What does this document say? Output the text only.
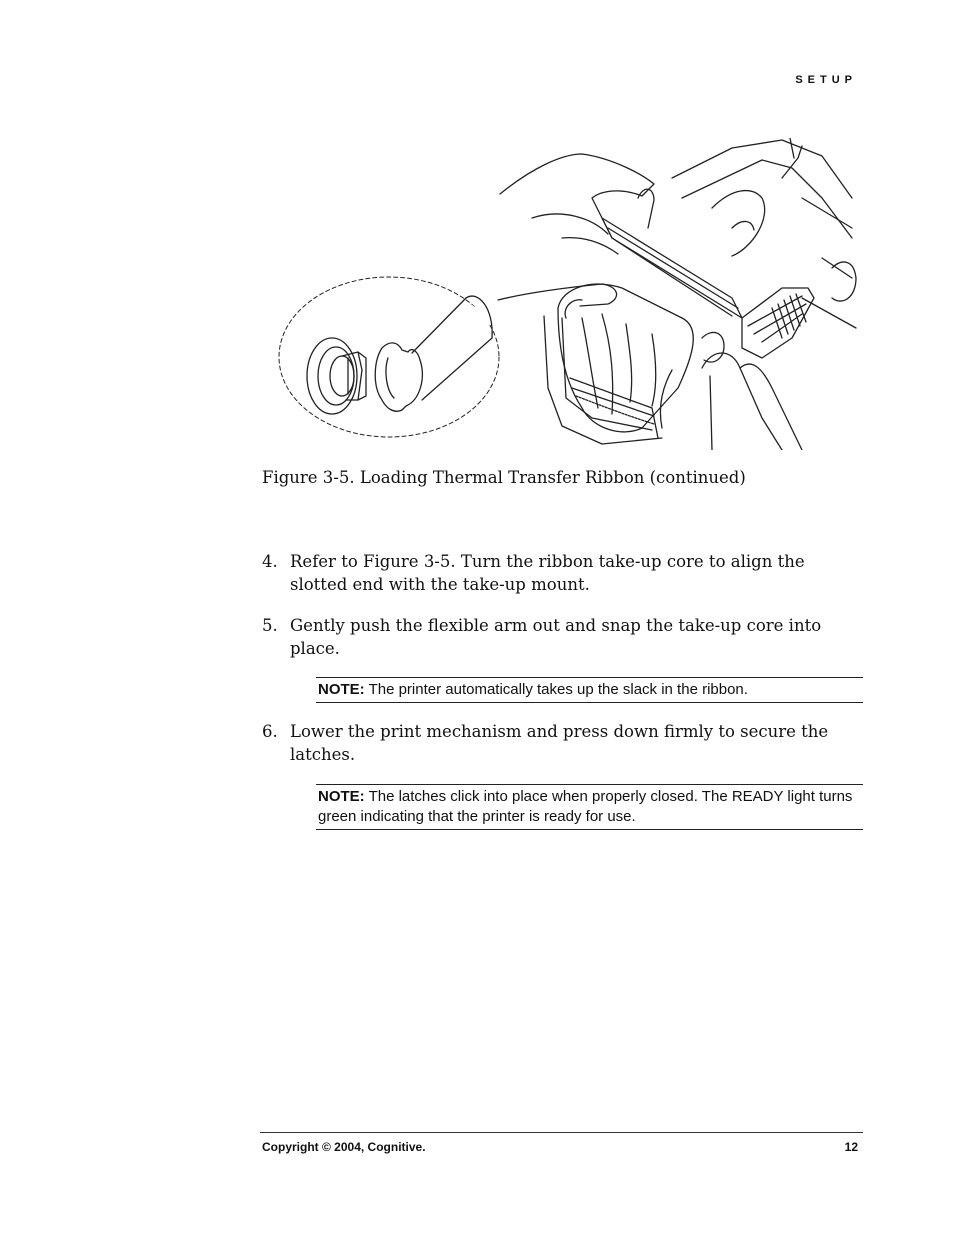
SETUP
Figure 3-5. Loading Thermal Transfer Ribbon (continued)
4. Refer to Figure 3-5. Turn the ribbon take-up core to align the slotted end with the take-up mount.
5. Gently push the flexible arm out and snap the take-up core into place.
NOTE: The printer automatically takes up the slack in the ribbon.
6. Lower the print mechanism and press down firmly to secure the latches.
NOTE: The latches click into place when properly closed. The READY light turns green indicating that the printer is ready for use.
Copyright © 2004, Cognitive.	12
